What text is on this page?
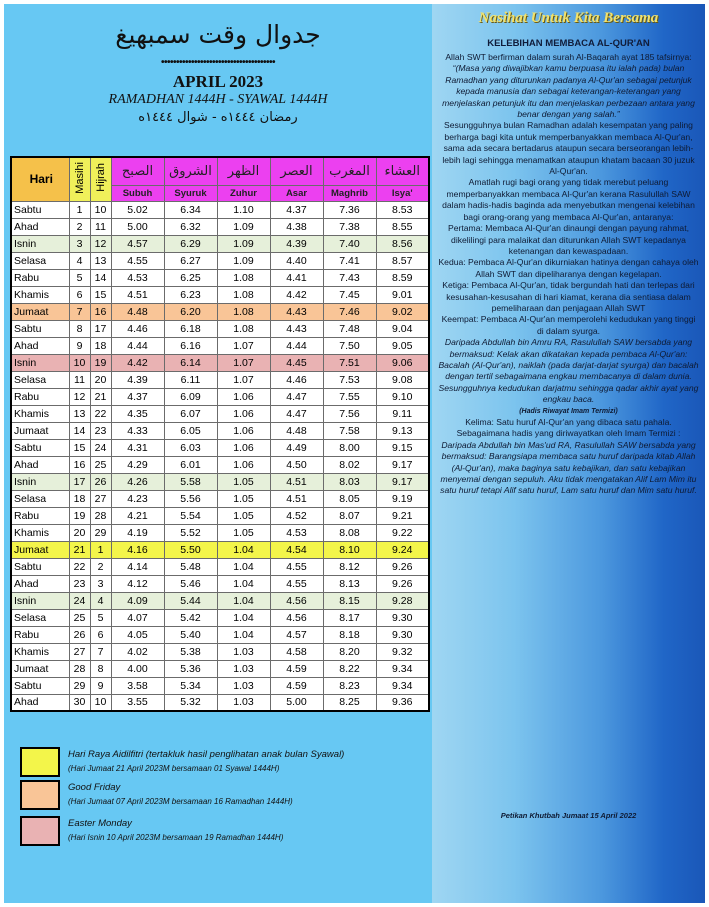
جدوال وقت سمبهيغ
••••••••••••••••••••••••••••••••••••••
APRIL 2023
RAMADHAN 1444H - SYAWAL 1444H
رمضان ١٤٤٤ه - شوال ١٤٤٤ه
Hari	Masihi	Hijrah	الصبح	الشروق	الظهر	العصر	المغرب	العشاء
			Subuh	Syuruk	Zuhur	Asar	Maghrib	Isya'
Sabtu	1	10	5.02	6.34	1.10	4.37	7.36	8.53
Ahad	2	11	5.00	6.32	1.09	4.38	7.38	8.55
Isnin	3	12	4.57	6.29	1.09	4.39	7.40	8.56
Selasa	4	13	4.55	6.27	1.09	4.40	7.41	8.57
Rabu	5	14	4.53	6.25	1.08	4.41	7.43	8.59
Khamis	6	15	4.51	6.23	1.08	4.42	7.45	9.01
Jumaat	7	16	4.48	6.20	1.08	4.43	7.46	9.02
Sabtu	8	17	4.46	6.18	1.08	4.43	7.48	9.04
Ahad	9	18	4.44	6.16	1.07	4.44	7.50	9.05
Isnin	10	19	4.42	6.14	1.07	4.45	7.51	9.06
Selasa	11	20	4.39	6.11	1.07	4.46	7.53	9.08
Rabu	12	21	4.37	6.09	1.06	4.47	7.55	9.10
Khamis	13	22	4.35	6.07	1.06	4.47	7.56	9.11
Jumaat	14	23	4.33	6.05	1.06	4.48	7.58	9.13
Sabtu	15	24	4.31	6.03	1.06	4.49	8.00	9.15
Ahad	16	25	4.29	6.01	1.06	4.50	8.02	9.17
Isnin	17	26	4.26	5.58	1.05	4.51	8.03	9.17
Selasa	18	27	4.23	5.56	1.05	4.51	8.05	9.19
Rabu	19	28	4.21	5.54	1.05	4.52	8.07	9.21
Khamis	20	29	4.19	5.52	1.05	4.53	8.08	9.22
Jumaat	21	1	4.16	5.50	1.04	4.54	8.10	9.24
Sabtu	22	2	4.14	5.48	1.04	4.55	8.12	9.26
Ahad	23	3	4.12	5.46	1.04	4.55	8.13	9.26
Isnin	24	4	4.09	5.44	1.04	4.56	8.15	9.28
Selasa	25	5	4.07	5.42	1.04	4.56	8.17	9.30
Rabu	26	6	4.05	5.40	1.04	4.57	8.18	9.30
Khamis	27	7	4.02	5.38	1.03	4.58	8.20	9.32
Jumaat	28	8	4.00	5.36	1.03	4.59	8.22	9.34
Sabtu	29	9	3.58	5.34	1.03	4.59	8.23	9.34
Ahad	30	10	3.55	5.32	1.03	5.00	8.25	9.36
Hari Raya Aidilfitri (tertakluk hasil penglihatan anak bulan Syawal)
(Hari Jumaat 21 April 2023M bersamaan 01 Syawal 1444H)
Good Friday
(Hari Jumaat 07 April 2023M bersamaan 16 Ramadhan 1444H)
Easter Monday
(Hari Isnin 10 April 2023M bersamaan 19 Ramadhan 1444H)
Nasihat Untuk Kita Bersama
KELEBIHAN MEMBACA AL-QUR'AN

Allah SWT berfirman dalam surah Al-Baqarah ayat 185 tafsirnya:

“(Masa yang diwajibkan kamu berpuasa itu ialah pada) bulan Ramadhan yang diturunkan padanya Al-Qur'an sebagai petunjuk kepada manusia dan sebagai keterangan-keterangan yang menjelaskan petunjuk itu dan menjelaskan perbezaan antara yang benar dengan yang salah.”

Sesungguhnya bulan Ramadhan adalah kesempatan yang paling berharga bagi kita untuk memperbanyakkan membaca Al-Qur'an, sama ada secara bertadarus ataupun secara berseorangan lebih-lebih lagi sehingga menamatkan ataupun khatam bacaan 30 juzuk Al-Qur'an.

Amatlah rugi bagi orang yang tidak merebut peluang memperbanyakkan membaca Al-Qur'an kerana Rasulullah SAW dalam hadis-hadis baginda ada menyebutkan mengenai kelebihan bagi orang-orang yang membaca Al-Qur'an, antaranya:

Pertama: Membaca Al-Qur'an dinaungi dengan payung rahmat, dikelilingi para malaikat dan diturunkan Allah SWT kepadanya ketenangan dan kewaspadaan.

Kedua: Pembaca Al-Qur'an dikurniakan hatinya dengan cahaya oleh Allah SWT dan dipeliharanya dengan kegelapan.

Ketiga: Pembaca Al-Qur'an, tidak bergundah hati dan terlepas dari kesusahan-kesusahan di hari kiamat, kerana dia sentiasa dalam pemeliharaan dan penjagaan Allah SWT

Keempat: Pembaca Al-Qur'an memperolehi kedudukan yang tinggi di dalam syurga.

Daripada Abdullah bin Amru RA, Rasulullah SAW bersabda yang bermaksud: Kelak akan dikatakan kepada pembaca Al-Qur'an: Bacalah (Al-Qur'an), naiklah (pada darjat-darjat syurga) dan bacalah dengan tertil sebagaimana engkau membacanya di dalam dunia. Sesungguhnya kedudukan darjatmu sehingga qadar akhir ayat yang engkau baca.

(Hadis Riwayat Imam Termizi)

Kelima: Satu huruf Al-Qur'an yang dibaca satu pahala. Sebagaimana hadis yang diriwayatkan oleh Imam Termizi :

Daripada Abdullah bin Mas'ud RA, Rasulullah SAW bersabda yang bermaksud: Barangsiapa membaca satu huruf daripada kitab Allah (Al-Qur'an), maka baginya satu kebajikan, dan satu kebajikan menyemai dengan sepuluh. Aku tidak mengatakan Alif Lam Mim itu satu huruf tetapi Alif satu huruf, Lam satu huruf dan Mim satu huruf.

Petikan Khutbah Jumaat 15 April 2022
